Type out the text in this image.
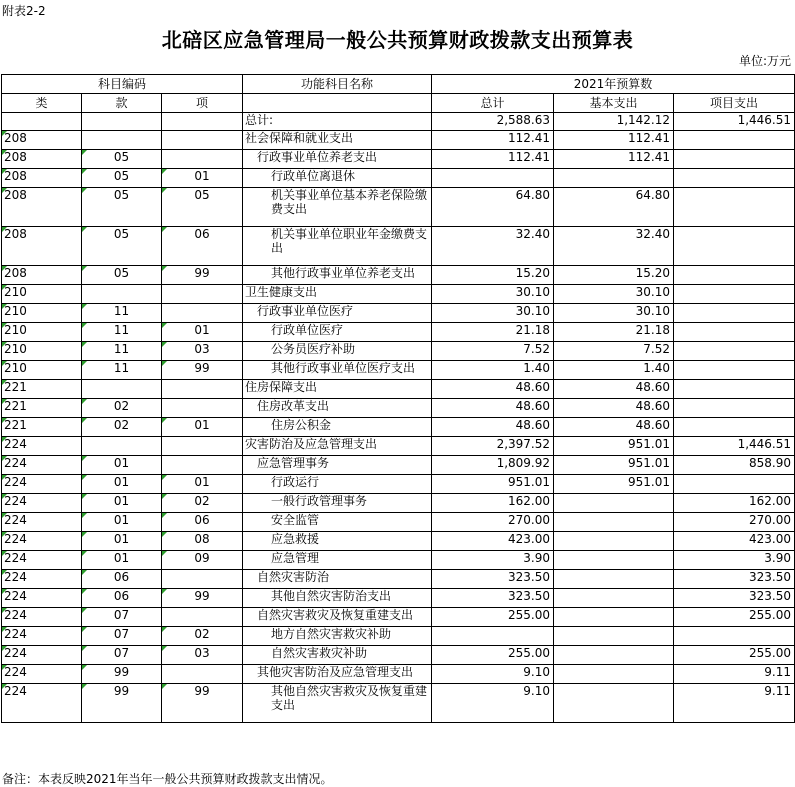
附表2-2
北碚区应急管理局一般公共预算财政拨款支出预算表
单位:万元
科目编码			功能科目名称	2021年预算数		
类	款	项		总计	基本支出	项目支出
			总计:	2,588.63	1,142.12	1,446.51
208			社会保障和就业支出	112.41	112.41	
208	05		行政事业单位养老支出	112.41	112.41	
208	05	01	行政单位离退休			
208	05	05	机关事业单位基本养老保险缴费支出	64.80	64.80	
208	05	06	机关事业单位职业年金缴费支出	32.40	32.40	
208	05	99	其他行政事业单位养老支出	15.20	15.20	
210			卫生健康支出	30.10	30.10	
210	11		行政事业单位医疗	30.10	30.10	
210	11	01	行政单位医疗	21.18	21.18	
210	11	03	公务员医疗补助	7.52	7.52	
210	11	99	其他行政事业单位医疗支出	1.40	1.40	
221			住房保障支出	48.60	48.60	
221	02		住房改革支出	48.60	48.60	
221	02	01	住房公积金	48.60	48.60	
224			灾害防治及应急管理支出	2,397.52	951.01	1,446.51
224	01		应急管理事务	1,809.92	951.01	858.90
224	01	01	行政运行	951.01	951.01	
224	01	02	一般行政管理事务	162.00		162.00
224	01	06	安全监管	270.00		270.00
224	01	08	应急救援	423.00		423.00
224	01	09	应急管理	3.90		3.90
224	06		自然灾害防治	323.50		323.50
224	06	99	其他自然灾害防治支出	323.50		323.50
224	07		自然灾害救灾及恢复重建支出	255.00		255.00
224	07	02	地方自然灾害救灾补助			
224	07	03	自然灾害救灾补助	255.00		255.00
224	99		其他灾害防治及应急管理支出	9.10		9.11
224	99	99	其他自然灾害救灾及恢复重建支出	9.10		9.11
备注：本表反映2021年当年一般公共预算财政拨款支出情况。
